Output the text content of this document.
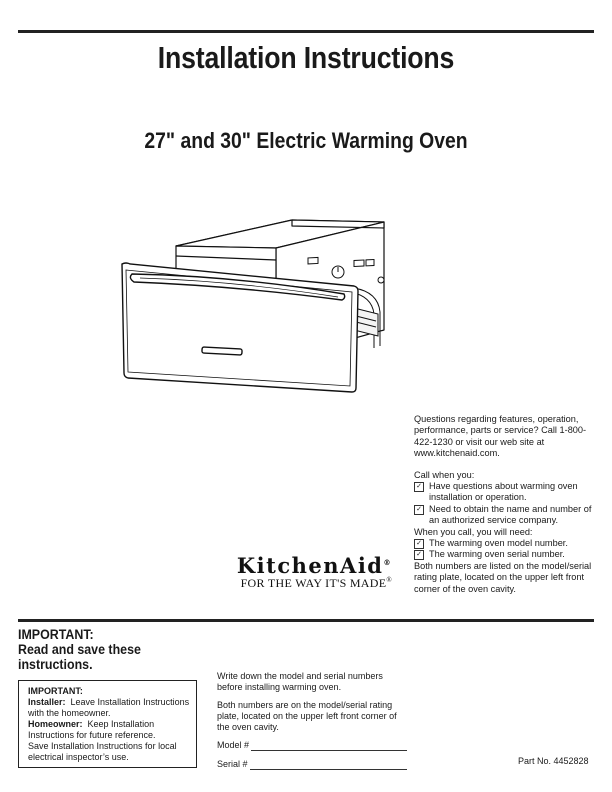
Installation Instructions
27" and 30" Electric Warming Oven

Questions regarding features, operation, performance, parts or service? Call 1-800-422-1230 or visit our web site at www.kitchenaid.com.

Call when you:

✓ Have questions about warming oven installation or operation.
✓ Need to obtain the name and number of an authorized service company.

When you call, you will need:

✓ The warming oven model number.
✓ The warming oven serial number.

Both numbers are listed on the model/serial rating plate, located on the upper left front corner of the oven cavity.

KitchenAid®
FOR THE WAY IT'S MADE®
IMPORTANT:
Read and save these instructions.
IMPORTANT:
Installer: Leave Installation Instructions with the homeowner.
Homeowner: Keep Installation Instructions for future reference.
Save Installation Instructions for local electrical inspector’s use.

Write down the model and serial numbers before installing warming oven.

Both numbers are on the model/serial rating plate, located on the upper left front corner of the oven cavity.

Model #
Serial #	Part No. 4452828
